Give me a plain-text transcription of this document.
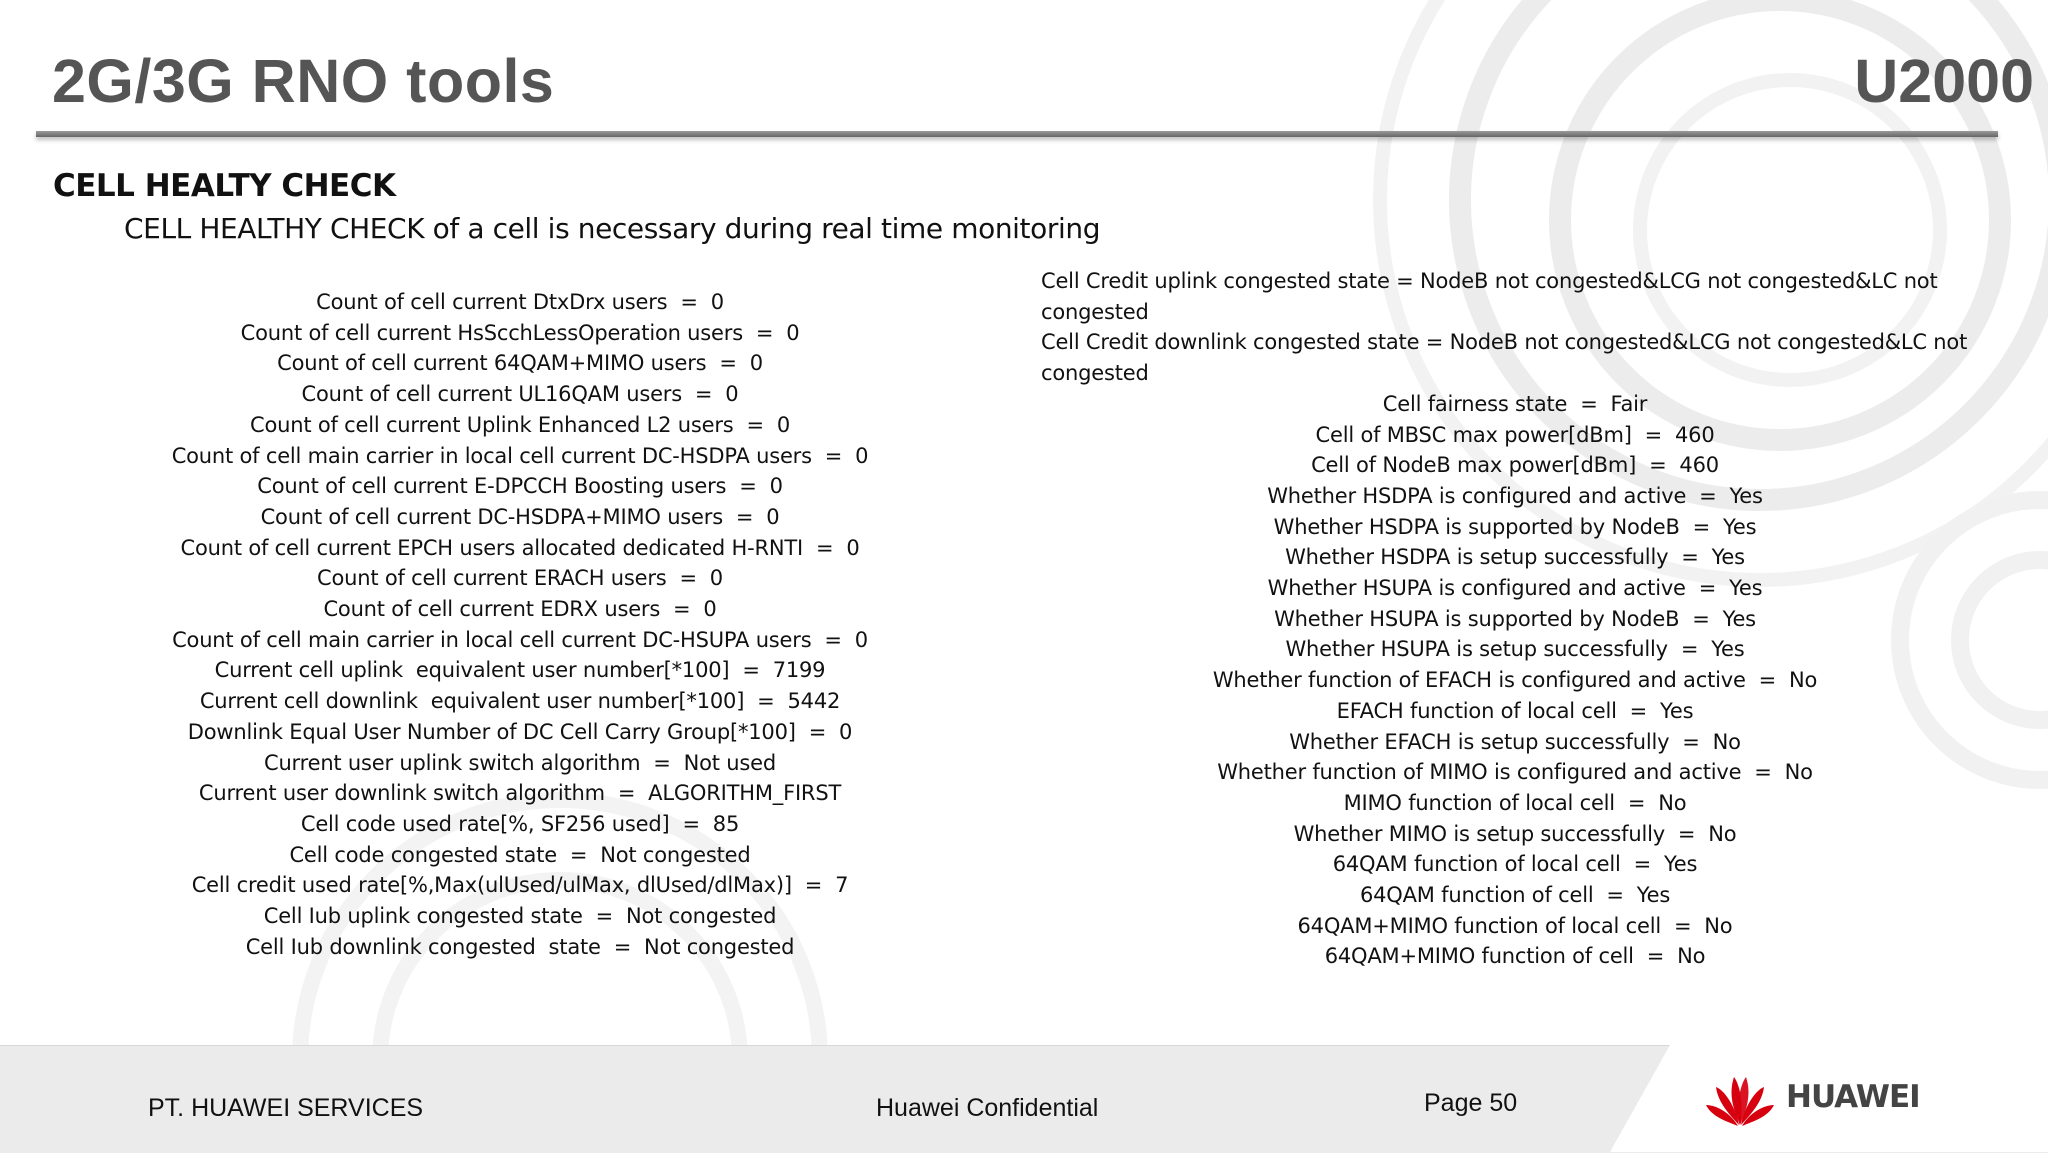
2G/3G RNO tools	U2000
CELL HEALTY CHECK

CELL HEALTHY CHECK of a cell is necessary during real time monitoring

Count of cell current DtxDrx users  =  0
Count of cell current HsScchLessOperation users  =  0
Count of cell current 64QAM+MIMO users  =  0
Count of cell current UL16QAM users  =  0
Count of cell current Uplink Enhanced L2 users  =  0
Count of cell main carrier in local cell current DC-HSDPA users  =  0
Count of cell current E-DPCCH Boosting users  =  0
Count of cell current DC-HSDPA+MIMO users  =  0
Count of cell current EPCH users allocated dedicated H-RNTI  =  0
Count of cell current ERACH users  =  0
Count of cell current EDRX users  =  0
Count of cell main carrier in local cell current DC-HSUPA users  =  0
Current cell uplink  equivalent user number[*100]  =  7199
Current cell downlink  equivalent user number[*100]  =  5442
Downlink Equal User Number of DC Cell Carry Group[*100]  =  0
Current user uplink switch algorithm  =  Not used
Current user downlink switch algorithm  =  ALGORITHM_FIRST
Cell code used rate[%, SF256 used]  =  85
Cell code congested state  =  Not congested
Cell credit used rate[%,Max(ulUsed/ulMax, dlUsed/dlMax)]  =  7
Cell Iub uplink congested state  =  Not congested
Cell Iub downlink congested  state  =  Not congested
Cell Credit uplink congested state = NodeB not congested&LCG not congested&LC not congested
Cell Credit downlink congested state = NodeB not congested&LCG not congested&LC not congested
Cell fairness state  =  Fair
Cell of MBSC max power[dBm]  =  460
Cell of NodeB max power[dBm]  =  460
Whether HSDPA is configured and active  =  Yes
Whether HSDPA is supported by NodeB  =  Yes
Whether HSDPA is setup successfully  =  Yes
Whether HSUPA is configured and active  =  Yes
Whether HSUPA is supported by NodeB  =  Yes
Whether HSUPA is setup successfully  =  Yes
Whether function of EFACH is configured and active  =  No
EFACH function of local cell  =  Yes
Whether EFACH is setup successfully  =  No
Whether function of MIMO is configured and active  =  No
MIMO function of local cell  =  No
Whether MIMO is setup successfully  =  No
64QAM function of local cell  =  Yes
64QAM function of cell  =  Yes
64QAM+MIMO function of local cell  =  No
64QAM+MIMO function of cell  =  No
PT. HUAWEI SERVICES	Huawei Confidential	Page 50	HUAWEI
